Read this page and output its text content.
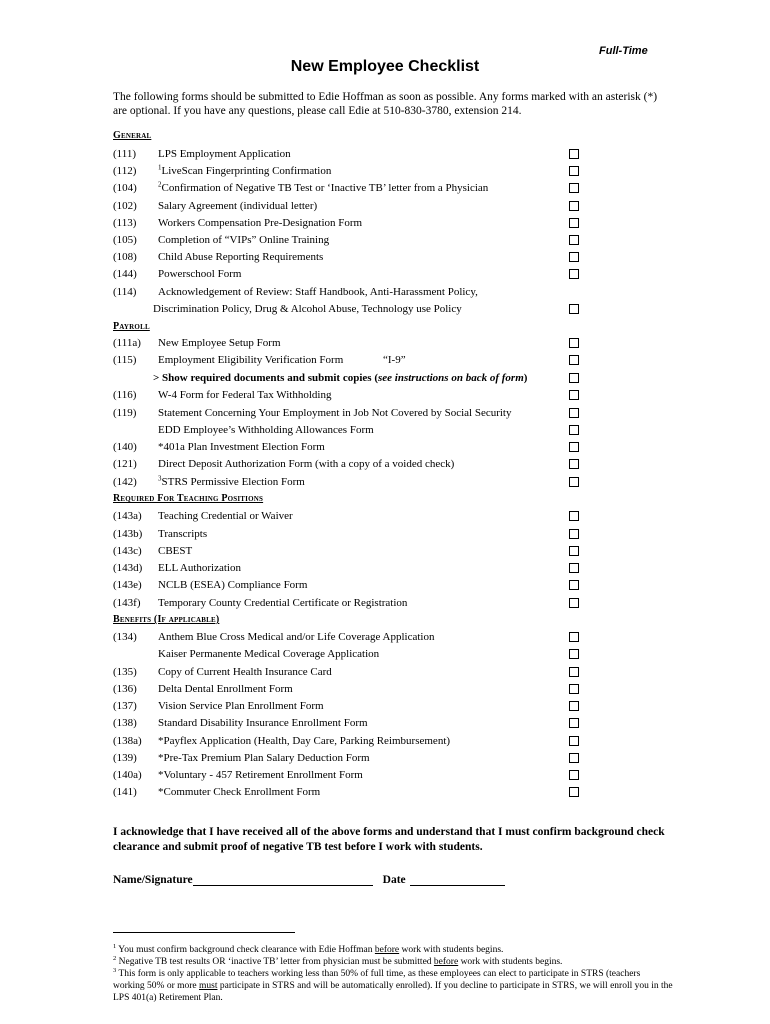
Full-Time
New Employee Checklist
The following forms should be submitted to Edie Hoffman as soon as possible. Any forms marked with an asterisk (*) are optional. If you have any questions, please call Edie at 510-830-3780, extension 214.
General
Payroll
Required For Teaching Positions
Benefits (If applicable)
(111) LPS Employment Application
(112)	$^1$LiveScan Fingerprinting Confirmation
(104)	$^2$Confirmation of Negative TB Test or ‘Inactive TB’ letter from a Physician
(102) Salary Agreement (individual letter)
(113) Workers Compensation Pre-Designation Form
(105) Completion of “VIPs” Online Training
(108) Child Abuse Reporting Requirements
(144) Powerschool Form
(114) Acknowledgement of Review: Staff Handbook, Anti-Harassment Policy,
Discrimination Policy, Drug & Alcohol Abuse, Technology use Policy
(111a) New Employee Setup Form
(115) Employment Eligibility Verification Form	“I-9”
> Show required documents and submit copies (see instructions on back of form)
(116) W-4 Form for Federal Tax Withholding
(119) Statement Concerning Your Employment in Job Not Covered by Social Security
EDD Employee’s Withholding Allowances Form
(140) *401a Plan Investment Election Form
(121) Direct Deposit Authorization Form (with a copy of a voided check)
(142)	$^3$STRS Permissive Election Form
(143a) Teaching Credential or Waiver
(143b) Transcripts
(143c) CBEST
(143d) ELL Authorization
(143e) NCLB (ESEA) Compliance Form
(143f) Temporary County Credential Certificate or Registration
(134) Anthem Blue Cross Medical and/or Life Coverage Application
Kaiser Permanente Medical Coverage Application
(135) Copy of Current Health Insurance Card
(136) Delta Dental Enrollment Form
(137) Vision Service Plan Enrollment Form
(138) Standard Disability Insurance Enrollment Form
(138a) *Payflex Application (Health, Day Care, Parking Reimbursement)
(139) *Pre-Tax Premium Plan Salary Deduction Form
(140a) *Voluntary - 457 Retirement Enrollment Form
(141) *Commuter Check Enrollment Form
I acknowledge that I have received all of the above forms and understand that I must confirm background check clearance and submit proof of negative TB test before I work with students.
Name/Signature	Date
$^1$ You must confirm background check clearance with Edie Hoffman before work with students begins.
$^2$ Negative TB test results OR ‘inactive TB’ letter from physician must be submitted before work with students begins.
$^3$ This form is only applicable to teachers working less than 50% of full time, as these employees can elect to participate in STRS (teachers working 50% or more must participate in STRS and will be automatically enrolled). If you decline to participate in STRS, we will enroll you in the LPS 401(a) Retirement Plan.
